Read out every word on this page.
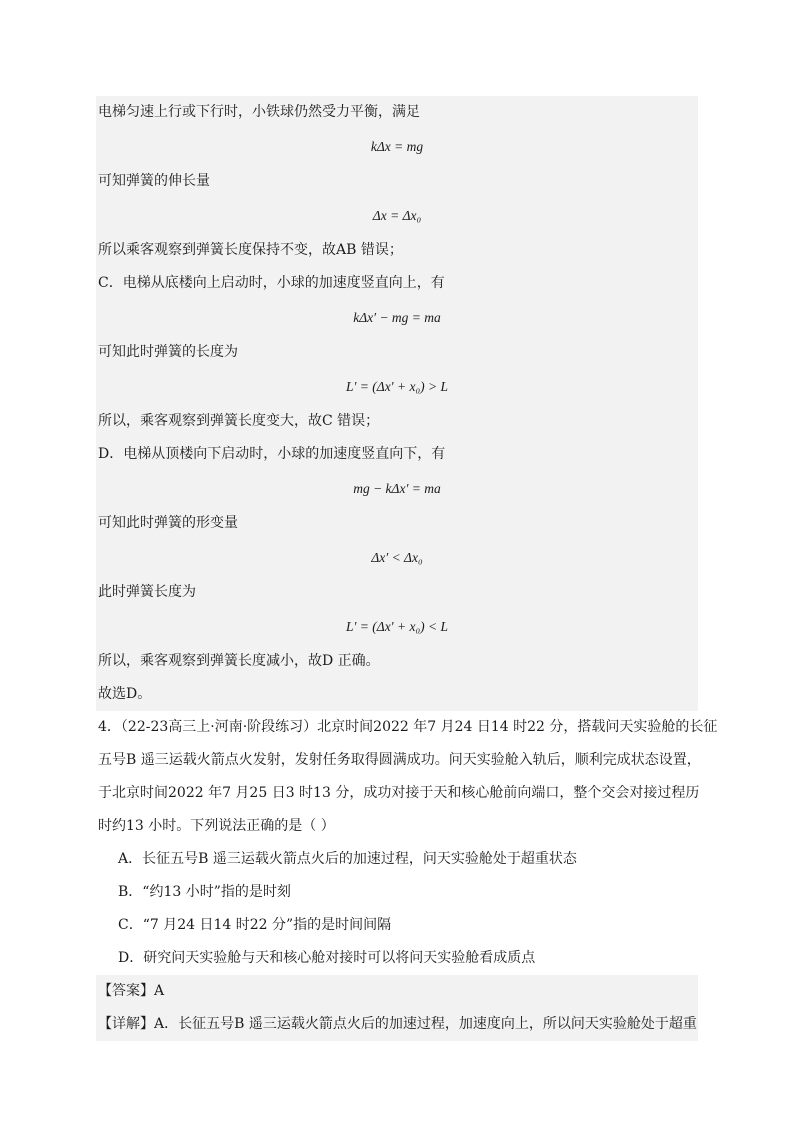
电梯匀速上行或下行时，小铁球仍然受力平衡，满足
kΔx = mg
可知弹簧的伸长量
Δx = Δx₀
所以乘客观察到弹簧长度保持不变，故AB 错误；
C．电梯从底楼向上启动时，小球的加速度竖直向上，有
kΔx′ − mg = ma
可知此时弹簧的长度为
L′ = (Δx′ + x₀) > L
所以，乘客观察到弹簧长度变大，故C 错误；
D．电梯从顶楼向下启动时，小球的加速度竖直向下，有
mg − kΔx′ = ma
可知此时弹簧的形变量
Δx′ < Δx₀
此时弹簧长度为
L′ = (Δx′ + x₀) < L
所以，乘客观察到弹簧长度减小，故D 正确。
故选D。
4．（22-23高三上·河南·阶段练习）北京时间2022 年7 月24 日14 时22 分，搭载问天实验舱的长征
五号B 遥三运载火箭点火发射，发射任务取得圆满成功。问天实验舱入轨后，顺利完成状态设置，
于北京时间2022 年7 月25 日3 时13 分，成功对接于天和核心舱前向端口，整个交会对接过程历
时约13 小时。下列说法正确的是（ ）
A．长征五号B 遥三运载火箭点火后的加速过程，问天实验舱处于超重状态
B．“约13 小时”指的是时刻
C．“7 月24 日14 时22 分”指的是时间间隔
D．研究问天实验舱与天和核心舱对接时可以将问天实验舱看成质点
【答案】A
【详解】A．长征五号B 遥三运载火箭点火后的加速过程，加速度向上，所以问天实验舱处于超重
